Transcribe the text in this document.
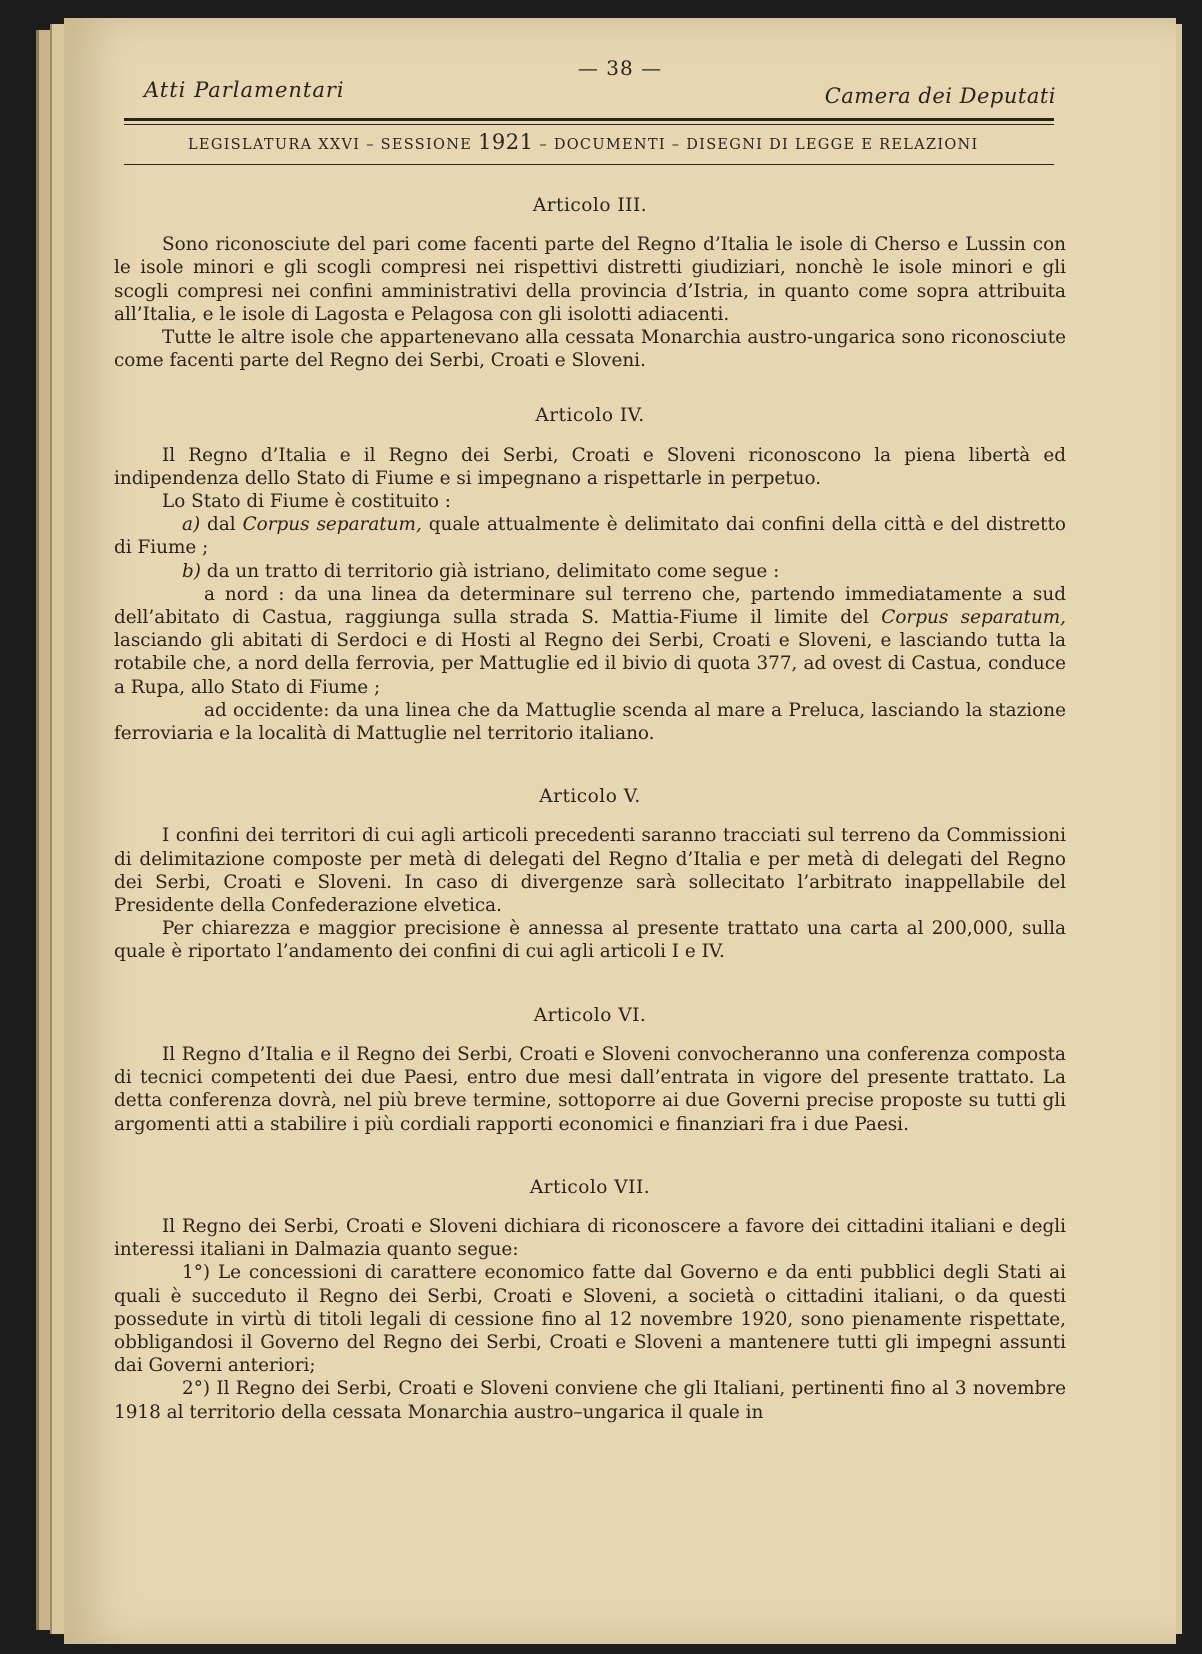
— 38 —
Atti Parlamentari	Camera dei Deputati
LEGISLATURA XXVI – SESSIONE 1921 – DOCUMENTI – DISEGNI DI LEGGE E RELAZIONI
Articolo III.

Sono riconosciute del pari come facenti parte del Regno d’Italia le isole di Cherso e Lussin con le isole minori e gli scogli compresi nei rispettivi distretti giudiziari, nonchè le isole minori e gli scogli compresi nei confini amministrativi della provincia d’Istria, in quanto come sopra attribuita all’Italia, e le isole di Lagosta e Pelagosa con gli isolotti adiacenti.

Tutte le altre isole che appartenevano alla cessata Monarchia austro-ungarica sono riconosciute come facenti parte del Regno dei Serbi, Croati e Sloveni.

Articolo IV.

Il Regno d’Italia e il Regno dei Serbi, Croati e Sloveni riconoscono la piena libertà ed indipendenza dello Stato di Fiume e si impegnano a rispettarle in perpetuo.

Lo Stato di Fiume è costituito :

a) dal Corpus separatum, quale attualmente è delimitato dai confini della città e del distretto di Fiume ;

b) da un tratto di territorio già istriano, delimitato come segue :

a nord : da una linea da determinare sul terreno che, partendo immediatamente a sud dell’abitato di Castua, raggiunga sulla strada S. Mattia-Fiume il limite del Corpus separatum, lasciando gli abitati di Serdoci e di Hosti al Regno dei Serbi, Croati e Sloveni, e lasciando tutta la rotabile che, a nord della ferrovia, per Mattuglie ed il bivio di quota 377, ad ovest di Castua, conduce a Rupa, allo Stato di Fiume ;

ad occidente: da una linea che da Mattuglie scenda al mare a Preluca, lasciando la stazione ferroviaria e la località di Mattuglie nel territorio italiano.

Articolo V.

I confini dei territori di cui agli articoli precedenti saranno tracciati sul terreno da Commissioni di delimitazione composte per metà di delegati del Regno d’Italia e per metà di delegati del Regno dei Serbi, Croati e Sloveni. In caso di divergenze sarà sollecitato l’arbitrato inappellabile del Presidente della Confederazione elvetica.

Per chiarezza e maggior precisione è annessa al presente trattato una carta al 200,000, sulla quale è riportato l’andamento dei confini di cui agli articoli I e IV.

Articolo VI.

Il Regno d’Italia e il Regno dei Serbi, Croati e Sloveni convocheranno una conferenza composta di tecnici competenti dei due Paesi, entro due mesi dall’entrata in vigore del presente trattato. La detta conferenza dovrà, nel più breve termine, sottoporre ai due Governi precise proposte su tutti gli argomenti atti a stabilire i più cordiali rapporti economici e finanziari fra i due Paesi.

Articolo VII.

Il Regno dei Serbi, Croati e Sloveni dichiara di riconoscere a favore dei cittadini italiani e degli interessi italiani in Dalmazia quanto segue:

1°) Le concessioni di carattere economico fatte dal Governo e da enti pubblici degli Stati ai quali è succeduto il Regno dei Serbi, Croati e Sloveni, a società o cittadini italiani, o da questi possedute in virtù di titoli legali di cessione fino al 12 novembre 1920, sono pienamente rispettate, obbligandosi il Governo del Regno dei Serbi, Croati e Sloveni a mantenere tutti gli impegni assunti dai Governi anteriori;

2°) Il Regno dei Serbi, Croati e Sloveni conviene che gli Italiani, pertinenti fino al 3 novembre 1918 al territorio della cessata Monarchia austro–ungarica il quale in
